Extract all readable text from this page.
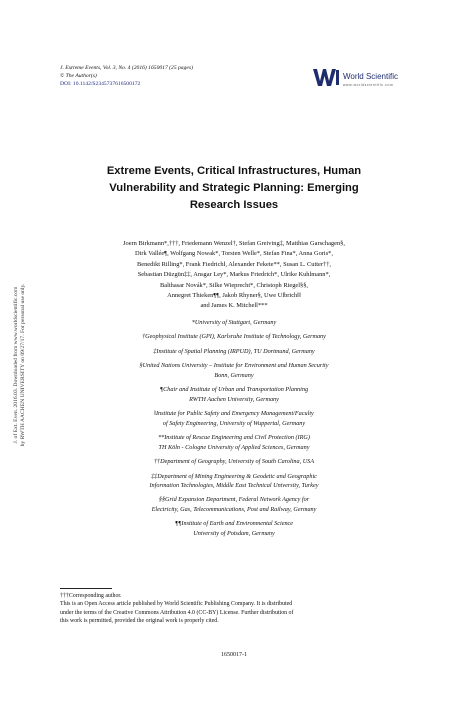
J. of Ext. Even. 2016.03. Downloaded from www.worldscientific.com by RWTH AACHEN UNIVERSITY on 09/27/17. For personal use only.
J. Extreme Events, Vol. 3, No. 4 (2016) 1650017 (25 pages)
© The Author(s)
DOI: 10.1142/S2345737616500172
World Scientific
www.worldscientific.com
Extreme Events, Critical Infrastructures, Human
Vulnerability and Strategic Planning: Emerging
Research Issues
Joern Birkmann*,†††, Friedemann Wenzel†, Stefan Greiving‡, Matthias Garschagen§,
Dirk Vallée¶, Wolfgang Nowak*, Torsten Welle*, Stefan Fina*, Anna Goris*,
Benedikt Rilling*, Frank Fiedrich‖, Alexander Fekete**, Susan L. Cutter††,
Sebastian Düzgün‡‡, Ansgar Ley*, Markus Friedrich*, Ulrike Kuhlmann*,
Balthasar Novák*, Silke Wieprecht*, Christoph Riegel§§,
Annegret Thieken¶¶, Jakob Rhyner§, Uwe Ulbrich‖‖
and James K. Mitchell***
*University of Stuttgart, Germany
†Geophysical Institute (GPI), Karlsruhe Institute of Technology, Germany
‡Institute of Spatial Planning (IRPUD), TU Dortmund, Germany
§United Nations University – Institute for Environment and Human Security
Bonn, Germany
¶Chair and Institute of Urban and Transportation Planning
RWTH Aachen University, Germany
‖Institute for Public Safety and Emergency Management/Faculty
of Safety Engineering, University of Wuppertal, Germany
**Institute of Rescue Engineering and Civil Protection (IRG)
TH Köln - Cologne University of Applied Sciences, Germany
††Department of Geography, University of South Carolina, USA
‡‡Department of Mining Engineering & Geodetic and Geographic
Information Technologies, Middle East Technical University, Turkey
§§Grid Expansion Department, Federal Network Agency for
Electricity, Gas, Telecommunications, Post and Railway, Germany
¶¶Institute of Earth and Environmental Science
University of Potsdam, Germany
†††Corresponding author.
This is an Open Access article published by World Scientific Publishing Company. It is distributed
under the terms of the Creative Commons Attribution 4.0 (CC-BY) License. Further distribution of
this work is permitted, provided the original work is properly cited.
1650017-1
